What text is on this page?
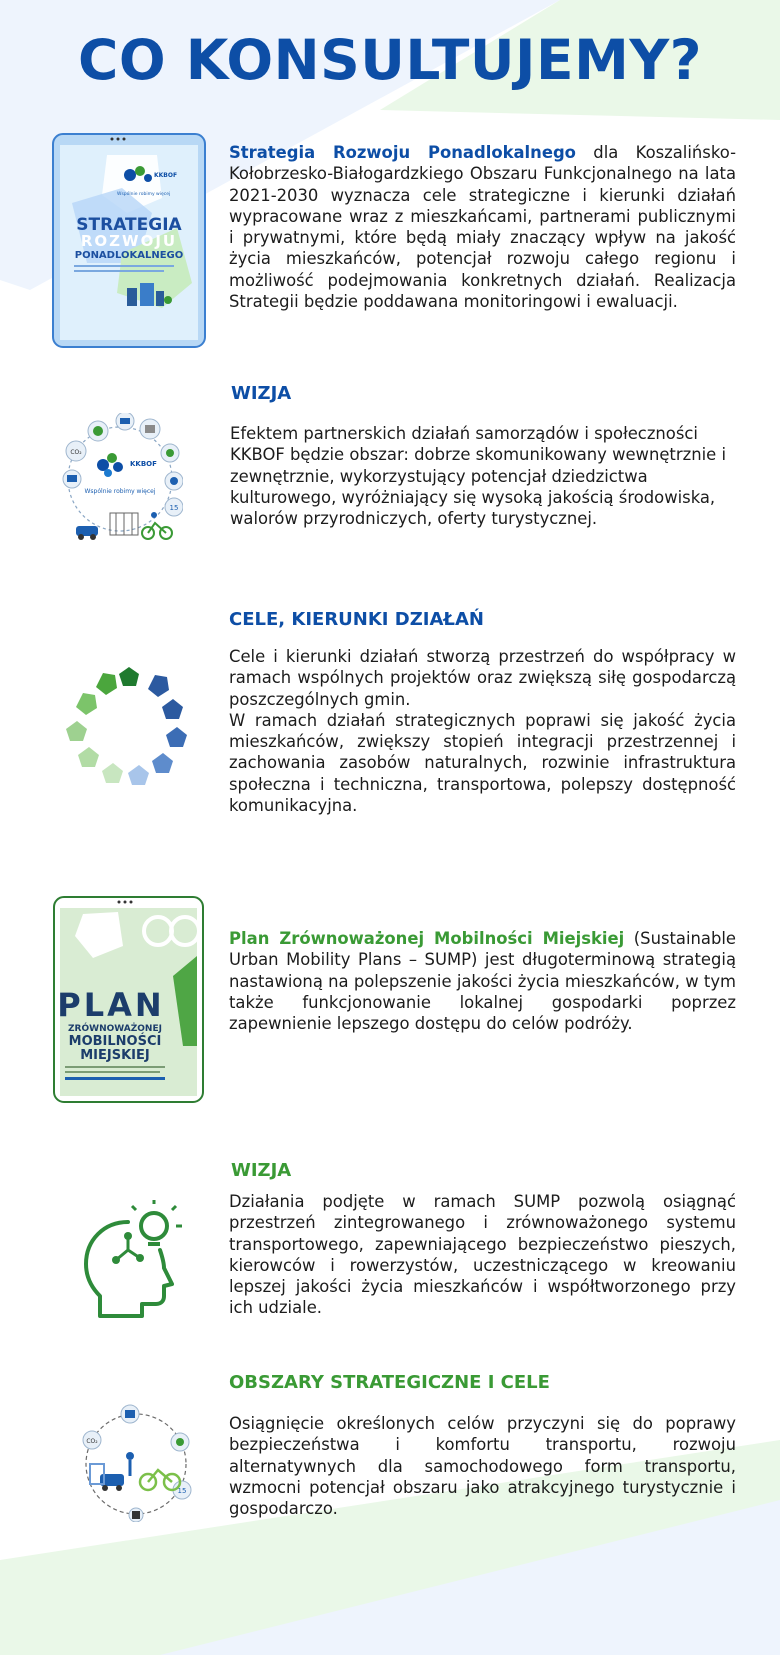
CO KONSULTUJEMY?
KKBOF
Wspólnie robimy więcej
STRATEGIA
ROZWOJU
PONADLOKALNEGO

Strategia Rozwoju Ponadlokalnego dla Koszalińsko-Kołobrzesko-Białogardzkiego Obszaru Funkcjonalnego na lata 2021-2030 wyznacza cele strategiczne i kierunki działań wypracowane wraz z mieszkańcami, partnerami publicznymi i prywatnymi, które będą miały znaczący wpływ na jakość życia mieszkańców, potencjał rozwoju całego regionu i możliwość podejmowania konkretnych działań. Realizacja Strategii będzie poddawana monitoringowi i ewaluacji.

WIZJA
CO₂
15
KKBOF
Wspólnie robimy więcej

Efektem partnerskich działań samorządów i społeczności KKBOF będzie obszar: dobrze skomunikowany wewnętrznie i zewnętrznie, wykorzystujący potencjał dziedzictwa kulturowego, wyróżniający się wysoką jakością środowiska, walorów przyrodniczych, oferty turystycznej.

CELE, KIERUNKI DZIAŁAŃ

Cele i kierunki działań stworzą przestrzeń do współpracy w ramach wspólnych projektów oraz zwiększą siłę gospodarczą poszczególnych gmin.

W ramach działań strategicznych poprawi się jakość życia mieszkańców, zwiększy stopień integracji przestrzennej i zachowania zasobów naturalnych, rozwinie infrastruktura społeczna i techniczna, transportowa, polepszy dostępność komunikacyjna.

PLAN
ZRÓWNOWAŻONEJ
MOBILNOŚCI
MIEJSKIEJ

Plan Zrównoważonej Mobilności Miejskiej (Sustainable Urban Mobility Plans – SUMP) jest długoterminową strategią nastawioną na polepszenie jakości życia mieszkańców, w tym także funkcjonowanie lokalnej gospodarki poprzez zapewnienie lepszego dostępu do celów podróży.

WIZJA

Działania podjęte w ramach SUMP pozwolą osiągnąć przestrzeń zintegrowanego i zrównoważonego systemu transportowego, zapewniającego bezpieczeństwo pieszych, kierowców i rowerzystów, uczestniczącego w kreowaniu lepszej jakości życia mieszkańców i współtworzonego przy ich udziale.

OBSZARY STRATEGICZNE I CELE
CO₂
15

Osiągnięcie określonych celów przyczyni się do poprawy bezpieczeństwa i komfortu transportu, rozwoju alternatywnych dla samochodowego form transportu, wzmocni potencjał obszaru jako atrakcyjnego turystycznie i gospodarczo.
